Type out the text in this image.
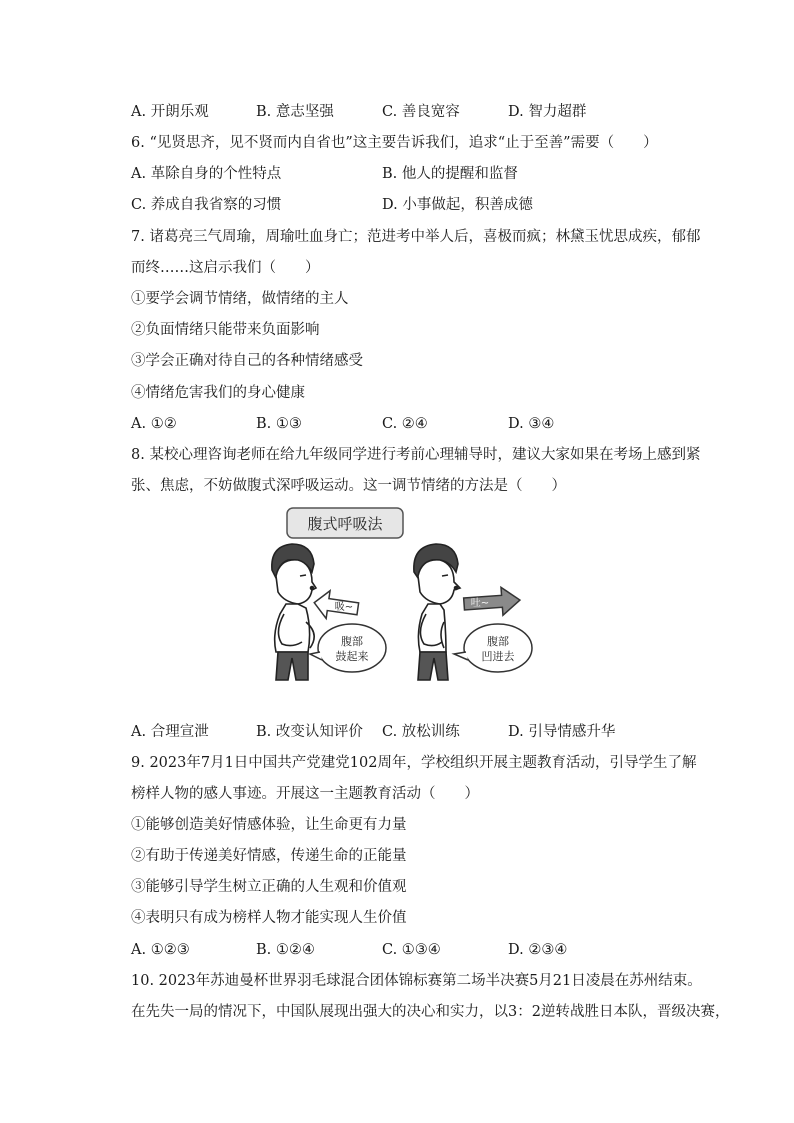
A. 开朗乐观	B. 意志坚强	C. 善良宽容	D. 智力超群
6. “见贤思齐，见不贤而内自省也”这主要告诉我们，追求“止于至善”需要（　　）
A. 革除自身的个性特点	B. 他人的提醒和监督
C. 养成自我省察的习惯	D. 小事做起，积善成德
7. 诸葛亮三气周瑜，周瑜吐血身亡；范进考中举人后，喜极而疯；林黛玉忧思成疾，郁郁
而终……这启示我们（　　）
①要学会调节情绪，做情绪的主人
②负面情绪只能带来负面影响
③学会正确对待自己的各种情绪感受
④情绪危害我们的身心健康
A. ①②	B. ①③	C. ②④	D. ③④
8. 某校心理咨询老师在给九年级同学进行考前心理辅导时，建议大家如果在考场上感到紧
张、焦虑，不妨做腹式深呼吸运动。这一调节情绪的方法是（　　）
腹式呼吸法
吸~
腹部
鼓起来
吐~
腹部
凹进去
A. 合理宣泄	B. 改变认知评价 C. 放松训练	D. 引导情感升华
9. 2023年7月1日中国共产党建党102周年，学校组织开展主题教育活动，引导学生了解
榜样人物的感人事迹。开展这一主题教育活动（　　）
①能够创造美好情感体验，让生命更有力量
②有助于传递美好情感，传递生命的正能量
③能够引导学生树立正确的人生观和价值观
④表明只有成为榜样人物才能实现人生价值
A. ①②③	B. ①②④	C. ①③④	D. ②③④
10. 2023年苏迪曼杯世界羽毛球混合团体锦标赛第二场半决赛5月21日凌晨在苏州结束。
在先失一局的情况下，中国队展现出强大的决心和实力，以3：2逆转战胜日本队，晋级决赛，
